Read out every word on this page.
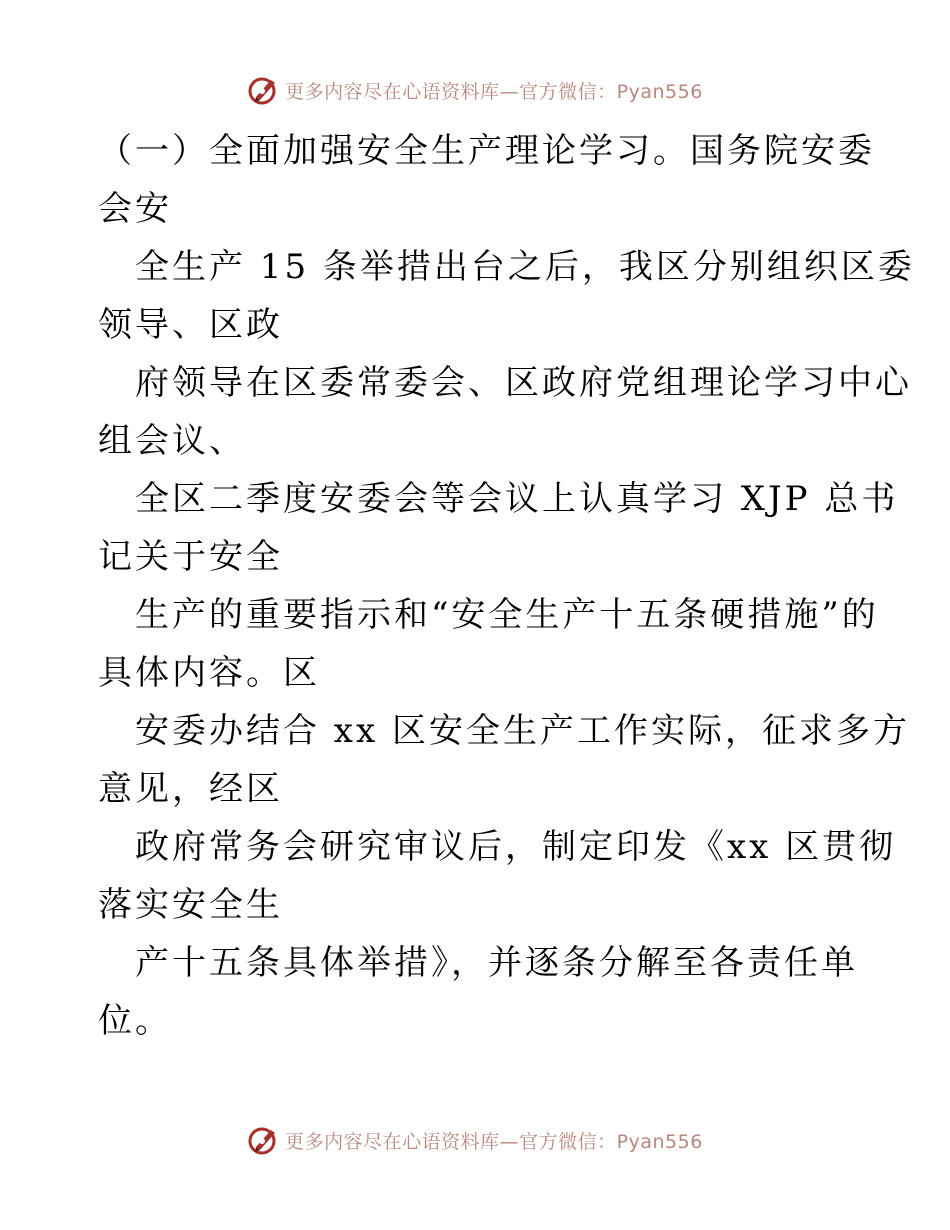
更多内容尽在心语资料库—官方微信：Pyan556
（一）全面加强安全生产理论学习。国务院安委
会安
全生产 15 条举措出台之后，我区分别组织区委
领导、区政
府领导在区委常委会、区政府党组理论学习中心
组会议、
全区二季度安委会等会议上认真学习 XJP 总书
记关于安全
生产的重要指示和“安全生产十五条硬措施”的
具体内容。区
安委办结合 xx 区安全生产工作实际，征求多方
意见，经区
政府常务会研究审议后，制定印发《xx 区贯彻
落实安全生
产十五条具体举措》，并逐条分解至各责任单
位。
更多内容尽在心语资料库—官方微信：Pyan556
